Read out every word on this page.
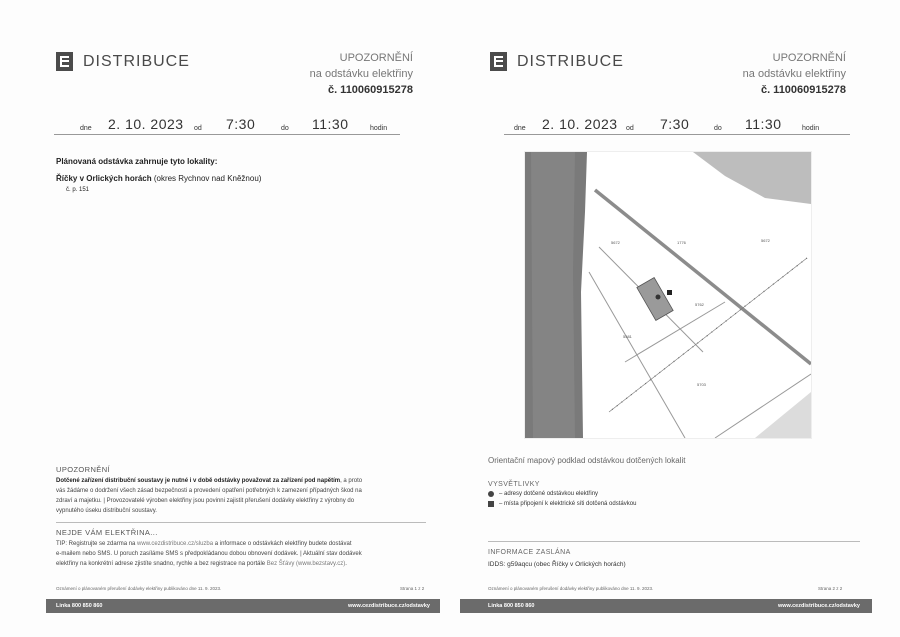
DISTRIBUCE	UPOZORNĚNÍ
na odstávku elektřiny
č. 110060915278
dne 2. 10. 2023 od 7:30	do 11:30	hodin
Plánovaná odstávka zahrnuje tyto lokality:
Říčky v Orlických horách (okres Rychnov nad Kněžnou)
č. p. 151
UPOZORNĚNÍ
Dotčené zařízení distribuční soustavy je nutné i v době odstávky považovat za zařízení pod napětím, a proto
vás žádáme o dodržení všech zásad bezpečnosti a provedení opatření potřebných k zamezení případných škod na
zdraví a majetku. | Provozovatelé výroben elektřiny jsou povinni zajistit přerušení dodávky elektřiny z výrobny do
vypnutého úseku distribuční soustavy.
NEJDE VÁM ELEKTŘINA...
TIP: Registrujte se zdarma na www.cezdistribuce.cz/sluzba a informace o odstávkách elektřiny budete dostávat
e-mailem nebo SMS. U poruch zasíláme SMS s předpokládanou dobou obnovení dodávek. | Aktuální stav dodávek
elektřiny na konkrétní adrese zjistíte snadno, rychle a bez registrace na portále Bez Šťávy (www.bezstavy.cz).
Oznámení o plánovaném přerušení dodávky elektřiny publikováno dne 11. 9. 2023.	Strana 1 z 2
Linka 800 850 860	www.cezdistribuce.cz/odstavky
DISTRIBUCE	UPOZORNĚNÍ
na odstávku elektřiny
č. 110060915278
dne 2. 10. 2023 od 7:30	do 11:30	hodin
5672	1776	5672
5762
5581
5703
Orientační mapový podklad odstávkou dotčených lokalit
VYSVĚTLIVKY
– adresy dotčené odstávkou elektřiny
– místa připojení k elektrické síti dotčená odstávkou
INFORMACE ZASLÁNA
IDDS: g59aqcu (obec Říčky v Orlických horách)
Oznámení o plánovaném přerušení dodávky elektřiny publikováno dne 11. 9. 2023.	Strana 2 z 2
Linka 800 850 860	www.cezdistribuce.cz/odstavky
